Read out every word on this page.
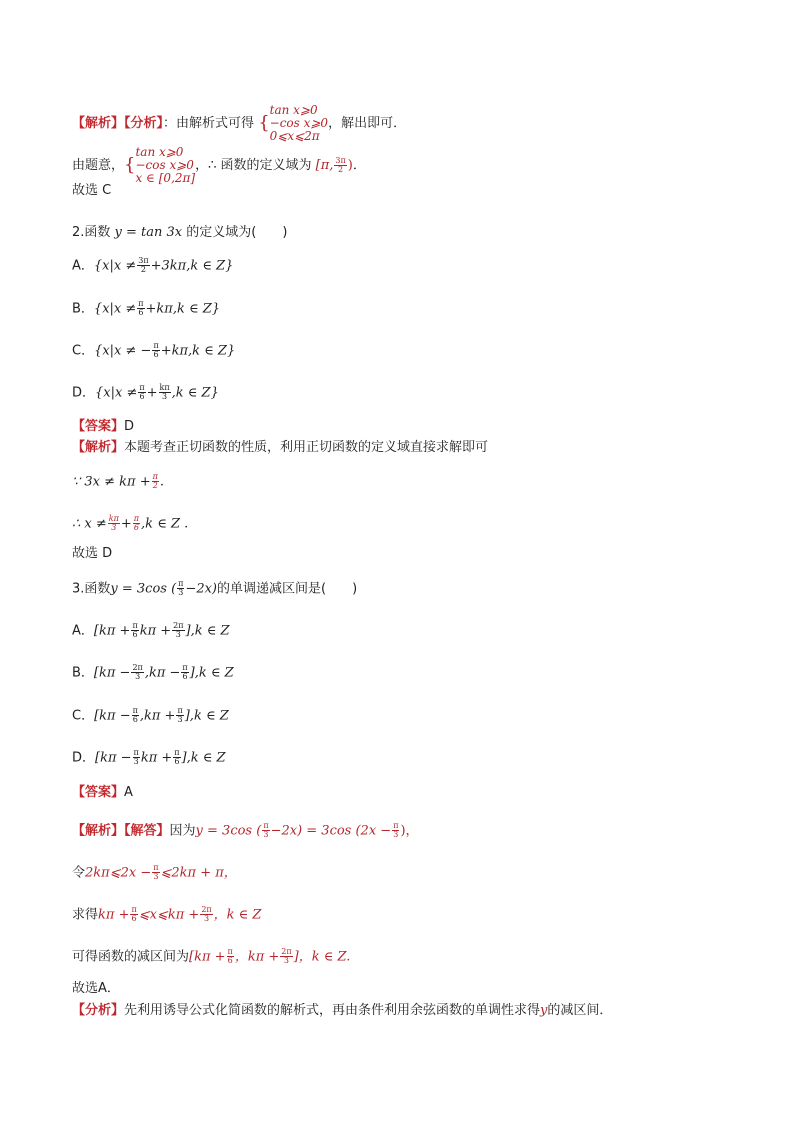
【解析】【分析】：由解析式可得 {
tan x⩾0
−cos x⩾0
0⩽x⩽2π
，解出即可．
由题意，{
tan x⩾0
−cos x⩾0
x ∈ [0,2π]
，∴ 函数的定义域为 [π, $\frac{3\pi}{2}$ )．
故选 C
2.函数 y = tan 3x 的定义域为(　　)
A．{$x|x \ne \frac{3\pi}{2} +3k\pi,k$ ∈ Z}
B．{$x|x \ne \frac{\pi}{6} +k\pi,k$ ∈ Z}
C．{x|x ≠ − $\frac{\pi}{6} +k\pi,k$ ∈ Z}
D．{$x|x \ne \frac{\pi}{6} + \frac{k\pi}{3} ,k$ ∈ Z}
【答案】D
【解析】本题考查正切函数的性质，利用正切函数的定义域直接求解即可
∵ $3x \ne k\pi + \frac{\pi}{2}$ .
∴ $x \ne \frac{k\pi}{3} + \frac{\pi}{6} ,k$ ∈ Z .
故选 D
3.函数y = 3cos ( $\frac{\pi}{3} -2x$)的单调递减区间是(　　)
A．[$k\pi + \frac{\pi}{6}$ $k\pi + \frac{2\pi}{3} ],k$ ∈ Z
B．$[k\pi - \frac{2\pi}{3} ,k\pi - \frac{\pi}{6} ],k$ ∈ Z
C．$[k\pi - \frac{\pi}{6} ,k\pi + \frac{\pi}{3} ],k$ ∈ Z
D．[$k\pi - \frac{\pi}{3}$ $k\pi + \frac{\pi}{6} ],k$ ∈ Z
【答案】A
【解析】【解答】因为y = 3cos ( $\frac{\pi}{3} -2x) = 3\cos$ ($2x - \frac{\pi}{3}$ )，
令2kπ⩽2x − $\frac{\pi}{3}$ ⩽2kπ + π，
求得$k\pi + \frac{\pi}{6}$ ⩽x⩽kπ + $\frac{2\pi}{3}$ ，k ∈ Z
可得函数的减区间为[$k\pi + \frac{\pi}{6}$ ，$k\pi + \frac{2\pi}{3}$ ]，k ∈ Z.
故选A．
【分析】先利用诱导公式化简函数的解析式，再由条件利用余弦函数的单调性求得y的减区间．
